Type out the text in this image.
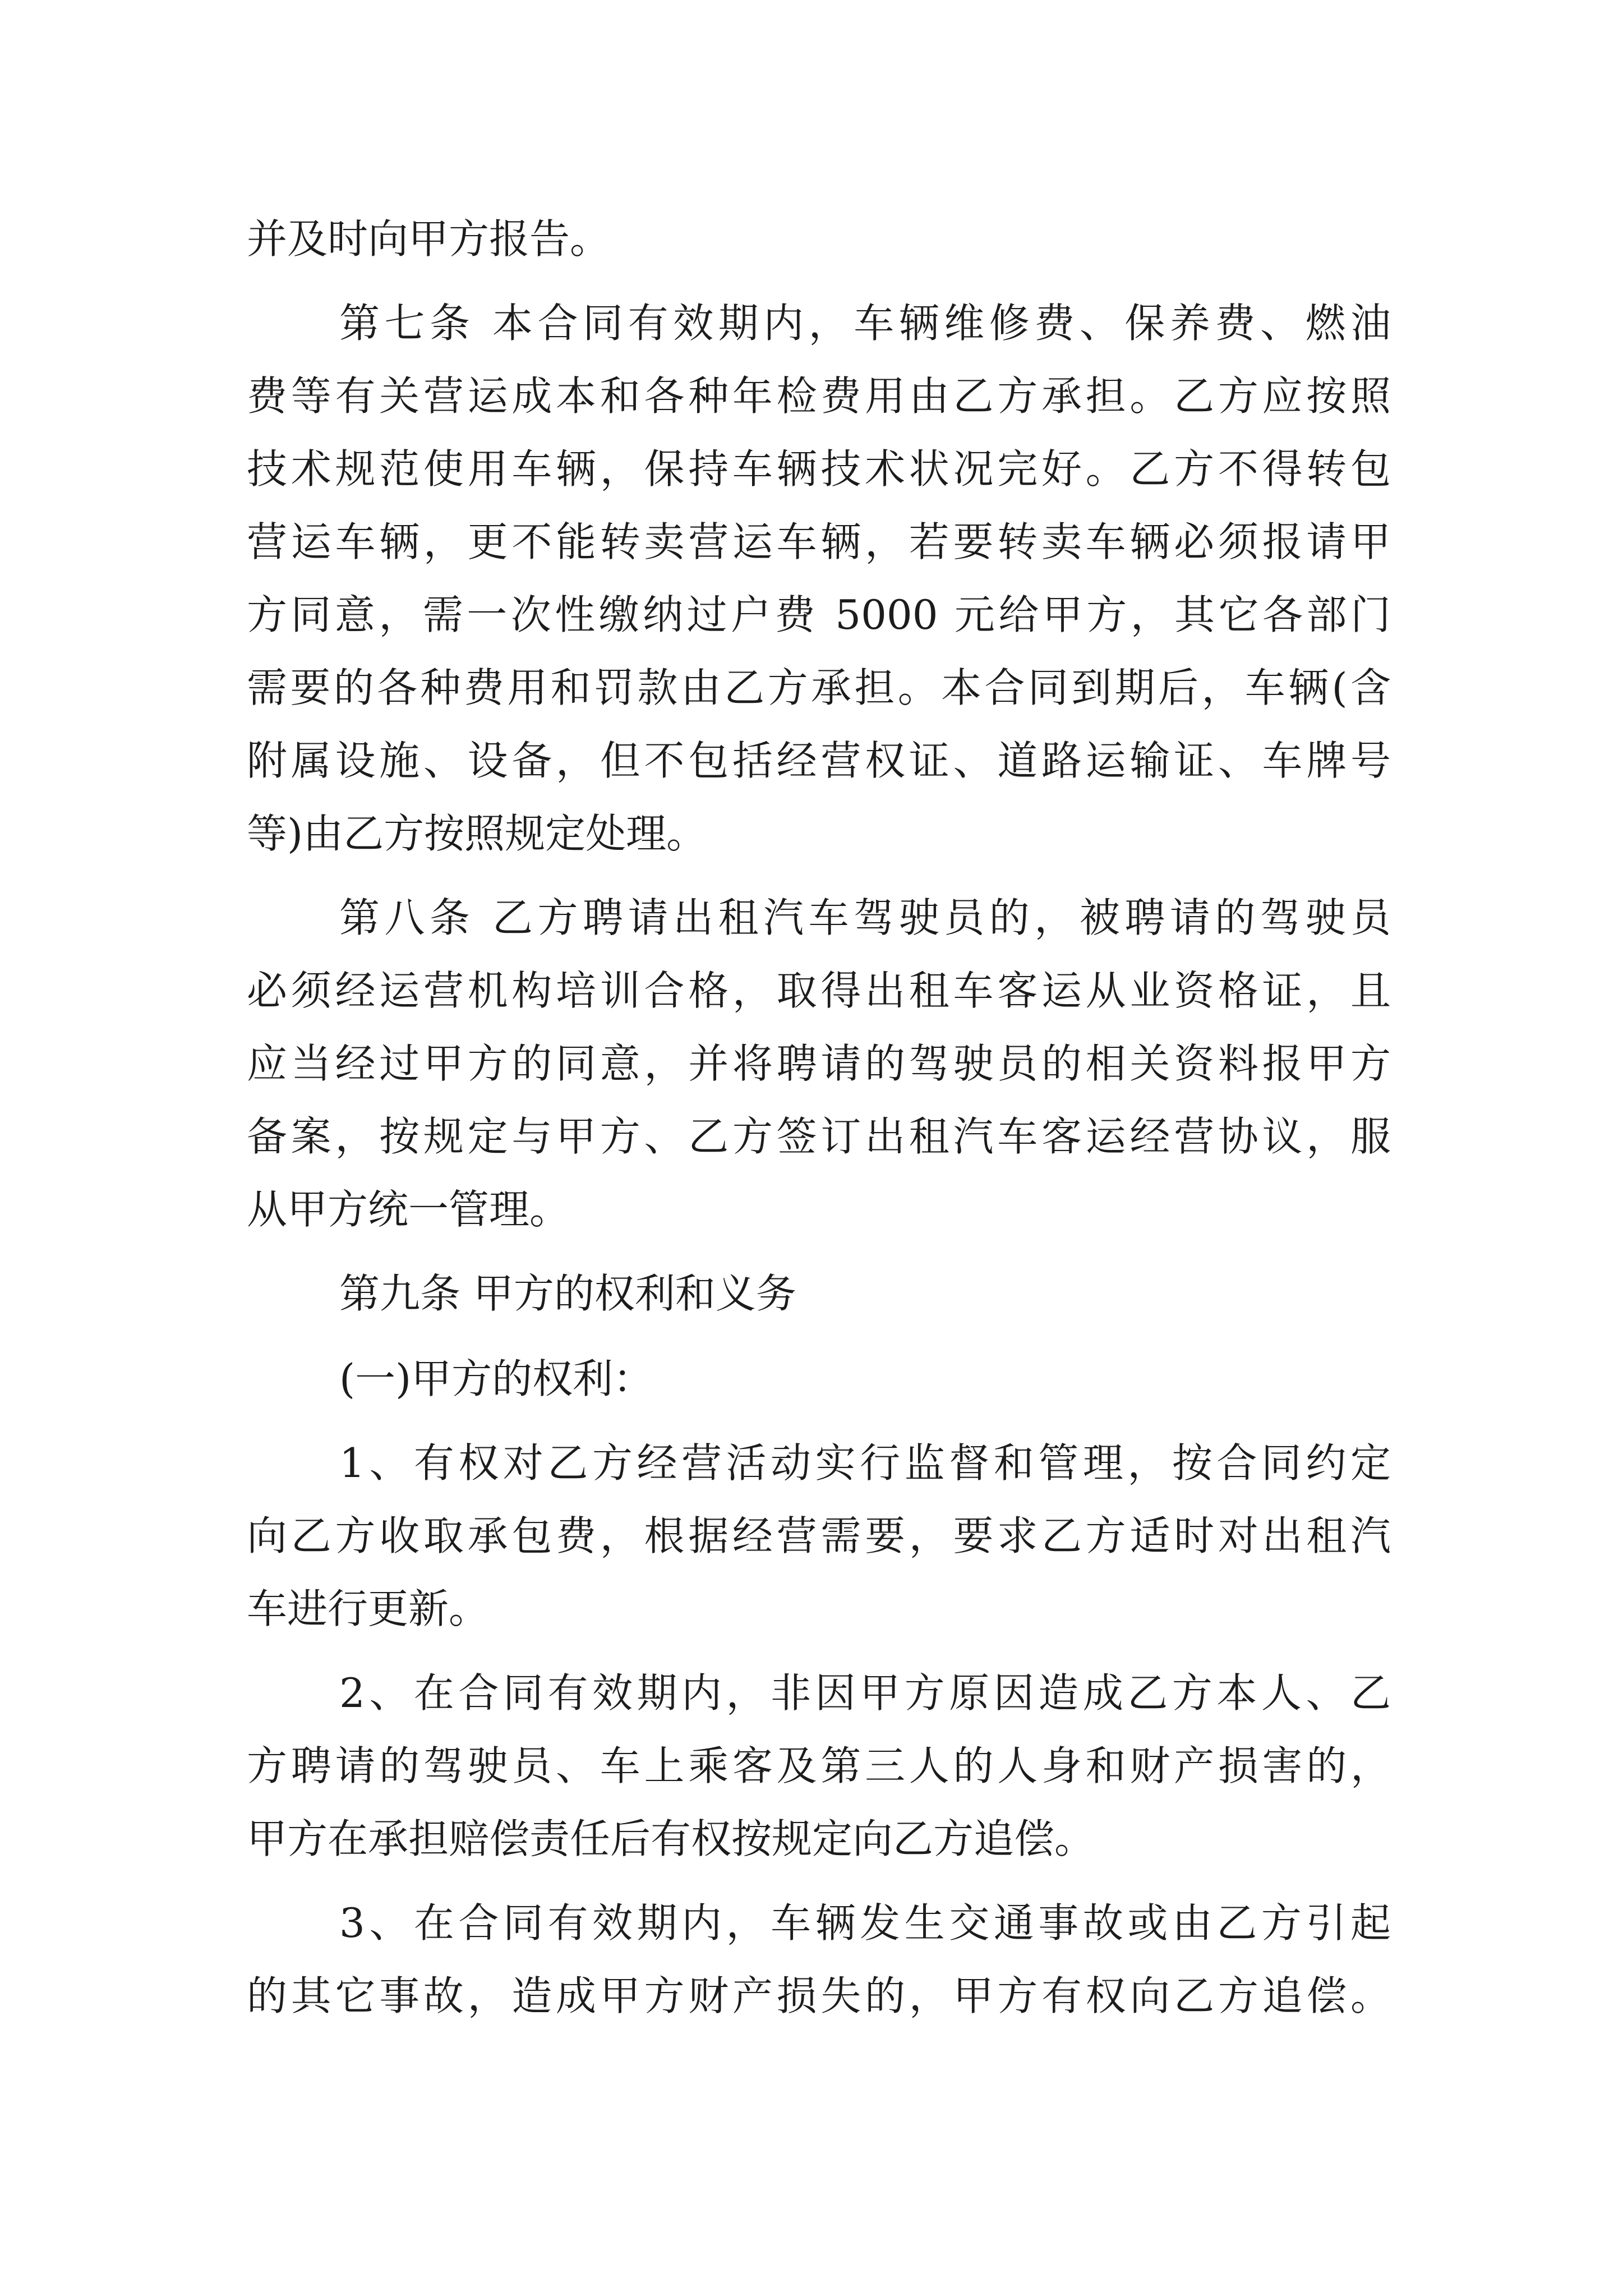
并及时向甲方报告。

第七条 本合同有效期内，车辆维修费、保养费、燃油

费等有关营运成本和各种年检费用由乙方承担。乙方应按照

技术规范使用车辆，保持车辆技术状况完好。乙方不得转包

营运车辆，更不能转卖营运车辆，若要转卖车辆必须报请甲

方同意，需一次性缴纳过户费 5000 元给甲方，其它各部门

需要的各种费用和罚款由乙方承担。本合同到期后，车辆(含

附属设施、设备，但不包括经营权证、道路运输证、车牌号

等)由乙方按照规定处理。

第八条 乙方聘请出租汽车驾驶员的，被聘请的驾驶员

必须经运营机构培训合格，取得出租车客运从业资格证，且

应当经过甲方的同意，并将聘请的驾驶员的相关资料报甲方

备案，按规定与甲方、乙方签订出租汽车客运经营协议，服

从甲方统一管理。

第九条 甲方的权利和义务

(一)甲方的权利：

1、有权对乙方经营活动实行监督和管理，按合同约定

向乙方收取承包费，根据经营需要，要求乙方适时对出租汽

车进行更新。

2、在合同有效期内，非因甲方原因造成乙方本人、乙

方聘请的驾驶员、车上乘客及第三人的人身和财产损害的，

甲方在承担赔偿责任后有权按规定向乙方追偿。

3、在合同有效期内，车辆发生交通事故或由乙方引起

的其它事故，造成甲方财产损失的，甲方有权向乙方追偿。
